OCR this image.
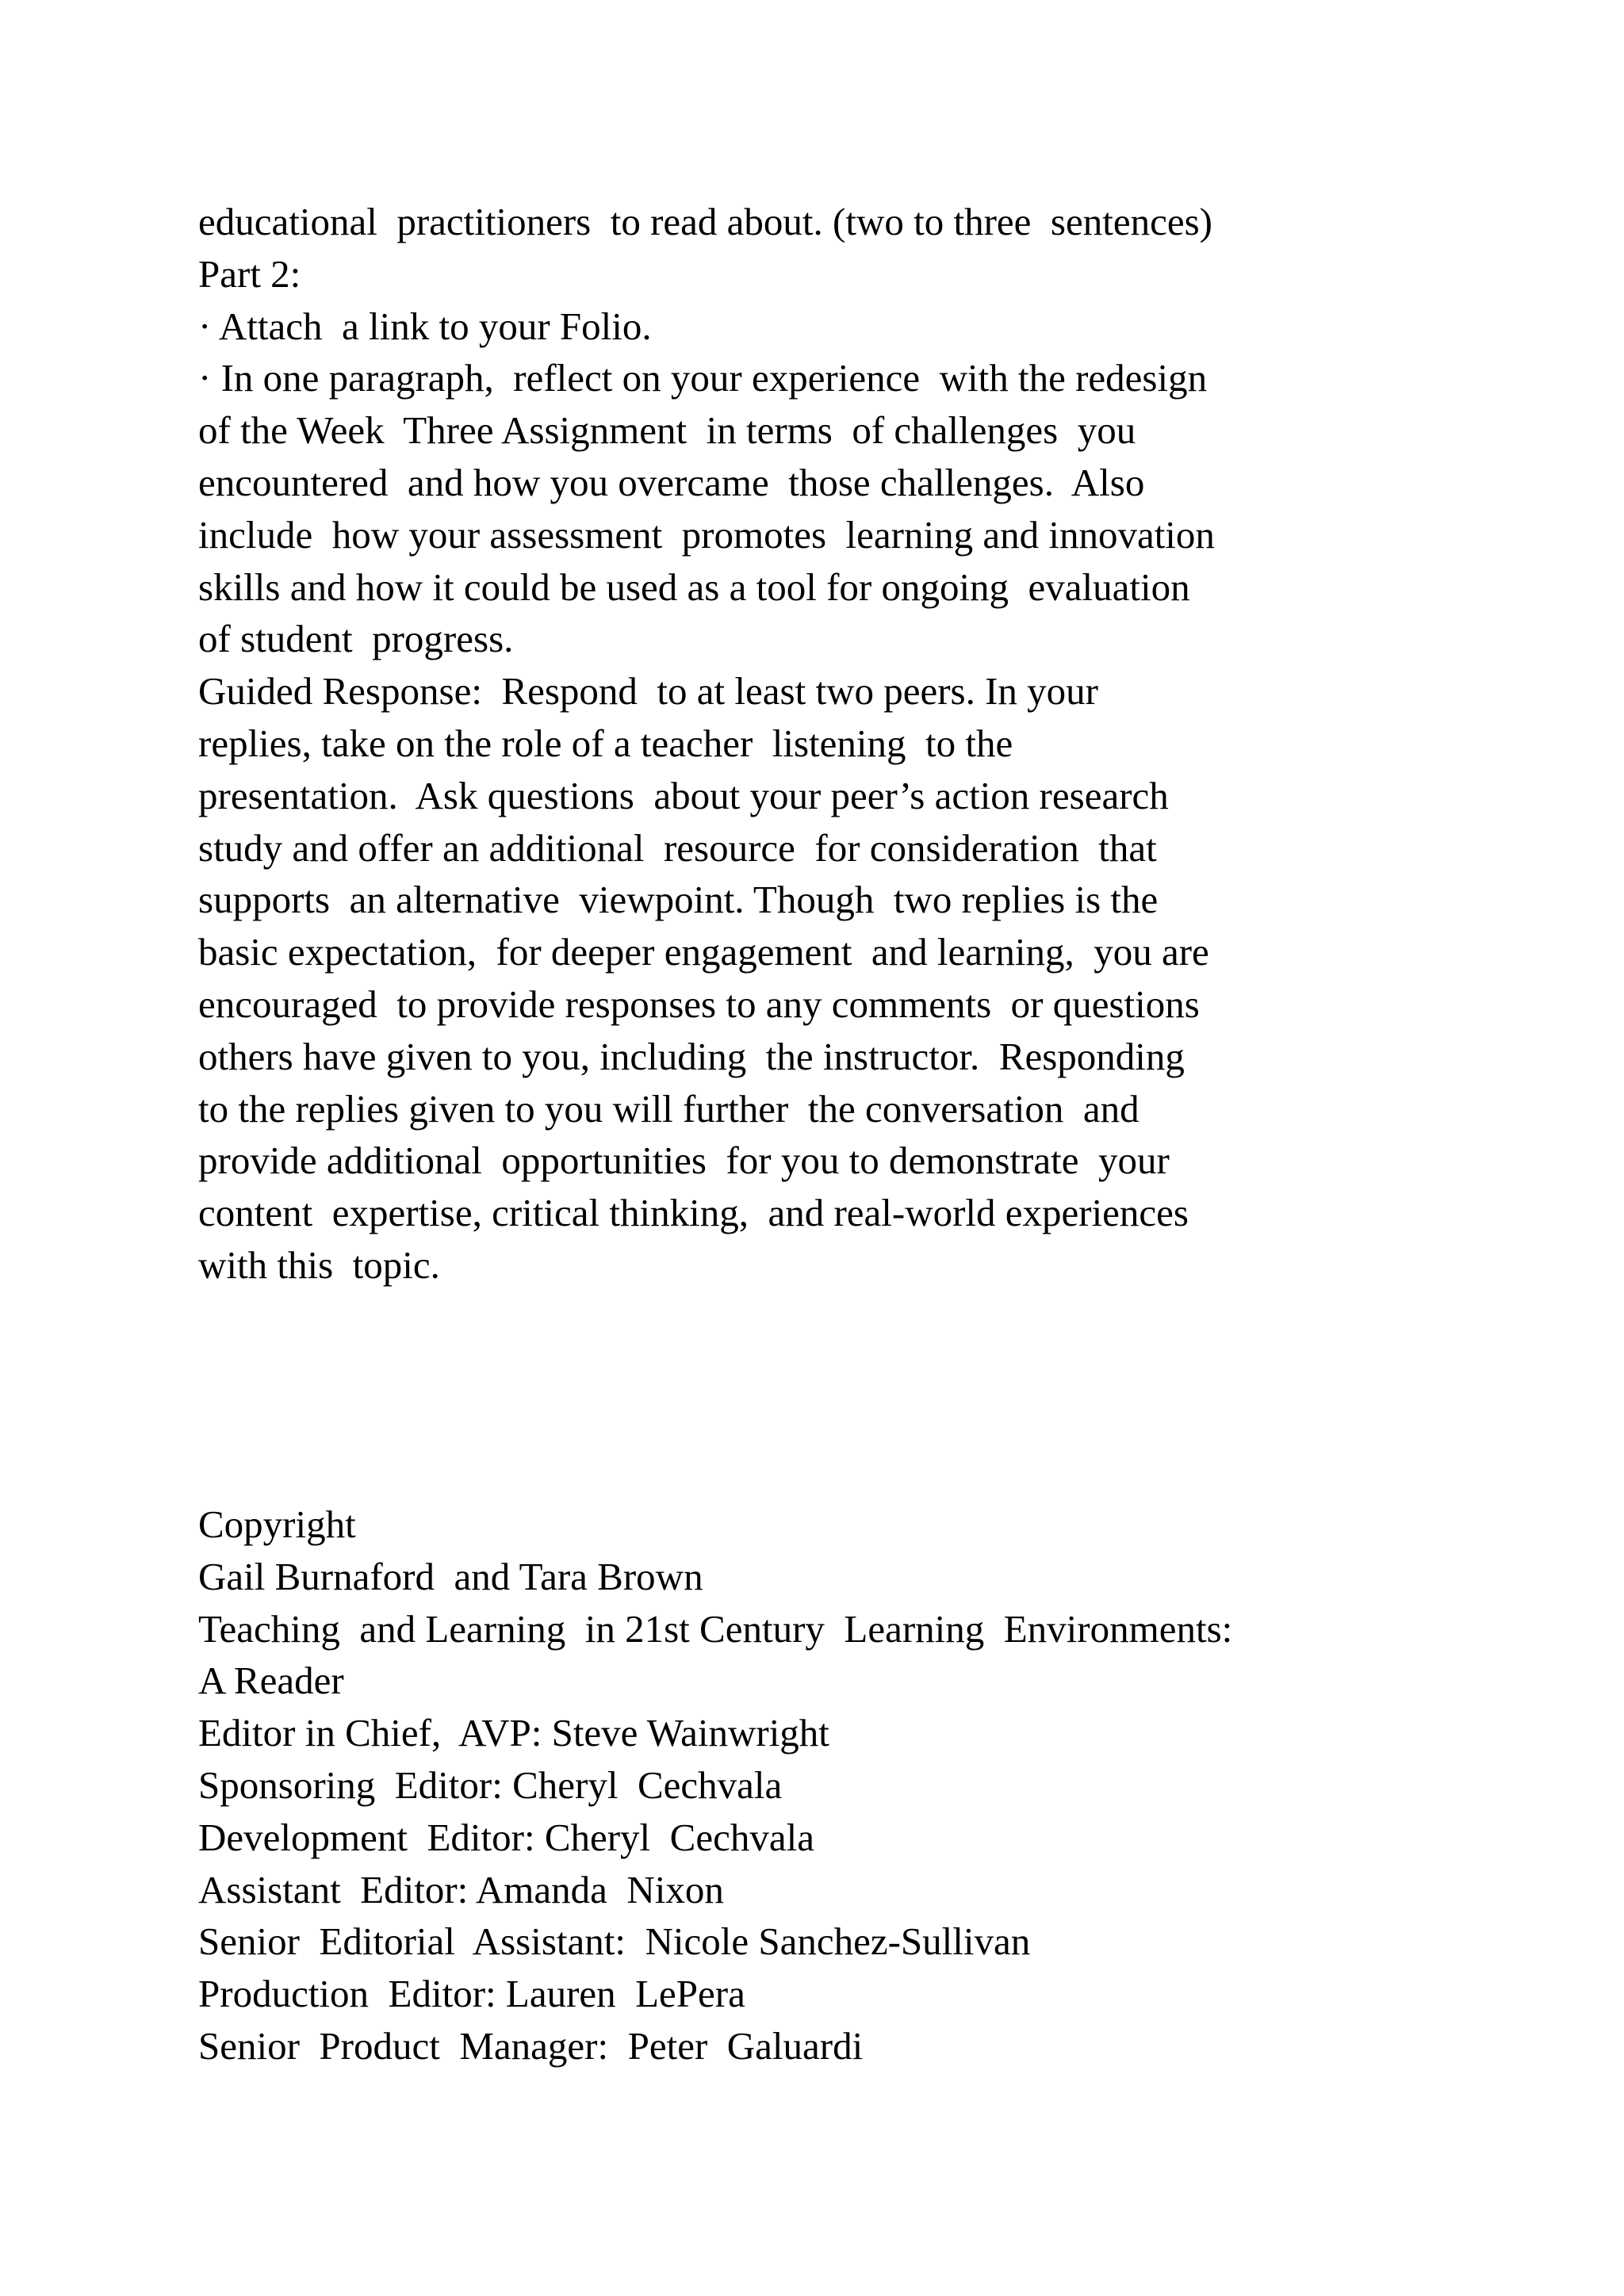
educational  practitioners  to read about. (two to three  sentences)
Part 2:
· Attach  a link to your Folio.
· In one paragraph,  reflect on your experience  with the redesign
of the Week  Three Assignment  in terms  of challenges  you
encountered  and how you overcame  those challenges.  Also
include  how your assessment  promotes  learning and innovation
skills and how it could be used as a tool for ongoing  evaluation
of student  progress.
Guided Response:  Respond  to at least two peers. In your
replies, take on the role of a teacher  listening  to the
presentation.  Ask questions  about your peer’s action research
study and offer an additional  resource  for consideration  that
supports  an alternative  viewpoint. Though  two replies is the
basic expectation,  for deeper engagement  and learning,  you are
encouraged  to provide responses to any comments  or questions
others have given to you, including  the instructor.  Responding
to the replies given to you will further  the conversation  and
provide additional  opportunities  for you to demonstrate  your
content  expertise, critical thinking,  and real-world experiences
with this  topic.
Copyright
Gail Burnaford  and Tara Brown
Teaching  and Learning  in 21st Century  Learning  Environments:
A Reader
Editor in Chief,  AVP: Steve Wainwright
Sponsoring  Editor: Cheryl  Cechvala
Development  Editor: Cheryl  Cechvala
Assistant  Editor: Amanda  Nixon
Senior  Editorial  Assistant:  Nicole Sanchez-Sullivan
Production  Editor: Lauren  LePera
Senior  Product  Manager:  Peter  Galuardi
